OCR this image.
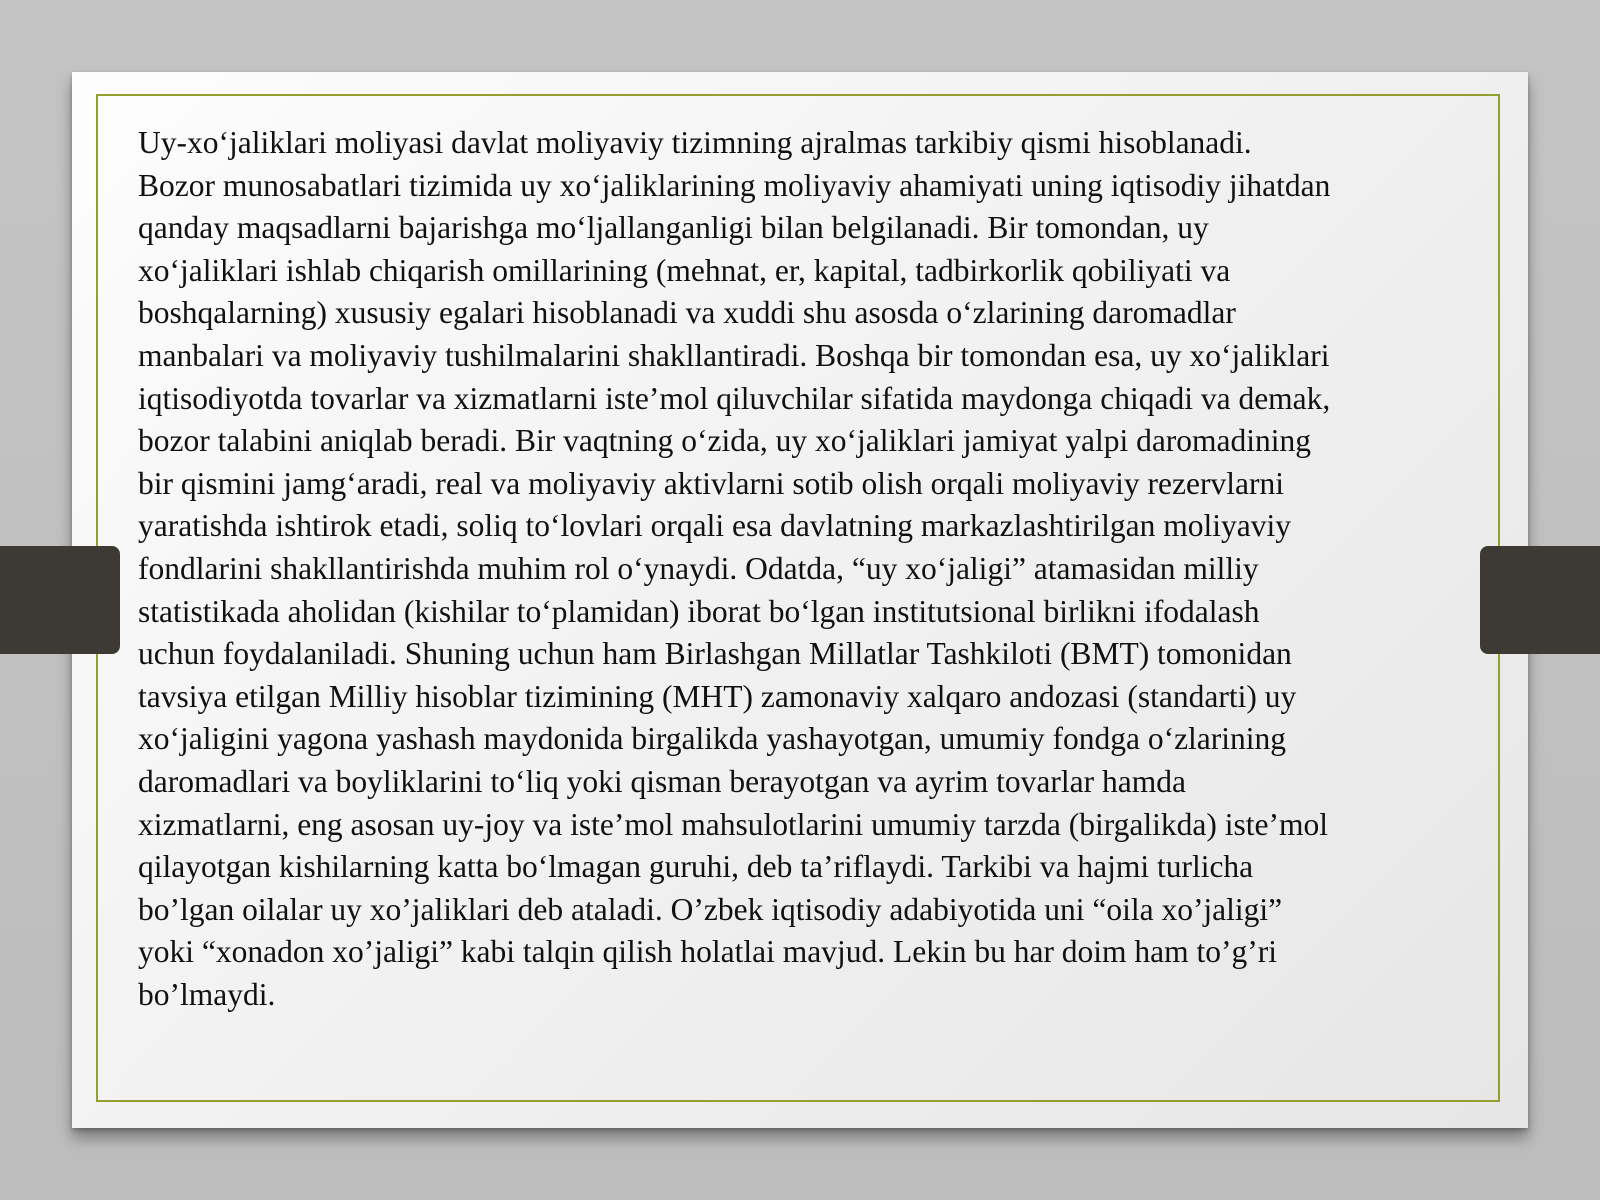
Uy-xo‘jaliklari moliyasi davlat moliyaviy tizimning ajralmas tarkibiy qismi hisoblanadi.
Bozor munosabatlari tizimida uy xo‘jaliklarining moliyaviy ahamiyati uning iqtisodiy jihatdan
qanday maqsadlarni bajarishga mo‘ljallanganligi bilan belgilanadi. Bir tomondan, uy
xo‘jaliklari ishlab chiqarish omillarining (mehnat, er, kapital, tadbirkorlik qobiliyati va
boshqalarning) xususiy egalari hisoblanadi va xuddi shu asosda o‘zlarining daromadlar
manbalari va moliyaviy tushilmalarini shakllantiradi. Boshqa bir tomondan esa, uy xo‘jaliklari
iqtisodiyotda tovarlar va xizmatlarni iste’mol qiluvchilar sifatida maydonga chiqadi va demak,
bozor talabini aniqlab beradi. Bir vaqtning o‘zida, uy xo‘jaliklari jamiyat yalpi daromadining
bir qismini jamg‘aradi, real va moliyaviy aktivlarni sotib olish orqali moliyaviy rezervlarni
yaratishda ishtirok etadi, soliq to‘lovlari orqali esa davlatning markazlashtirilgan moliyaviy
fondlarini shakllantirishda muhim rol o‘ynaydi. Odatda, “uy xo‘jaligi” atamasidan milliy
statistikada aholidan (kishilar to‘plamidan) iborat bo‘lgan institutsional birlikni ifodalash
uchun foydalaniladi. Shuning uchun ham Birlashgan Millatlar Tashkiloti (BMT) tomonidan
tavsiya etilgan Milliy hisoblar tizimining (MHT) zamonaviy xalqaro andozasi (standarti) uy
xo‘jaligini yagona yashash maydonida birgalikda yashayotgan, umumiy fondga o‘zlarining
daromadlari va boyliklarini to‘liq yoki qisman berayotgan va ayrim tovarlar hamda
xizmatlarni, eng asosan uy-joy va iste’mol mahsulotlarini umumiy tarzda (birgalikda) iste’mol
qilayotgan kishilarning katta bo‘lmagan guruhi, deb ta’riflaydi. Tarkibi va hajmi turlicha
bo’lgan oilalar uy xo’jaliklari deb ataladi. O’zbek iqtisodiy adabiyotida uni “oila xo’jaligi”
yoki “xonadon xo’jaligi” kabi talqin qilish holatlai mavjud. Lekin bu har doim ham to’g’ri
bo’lmaydi.
